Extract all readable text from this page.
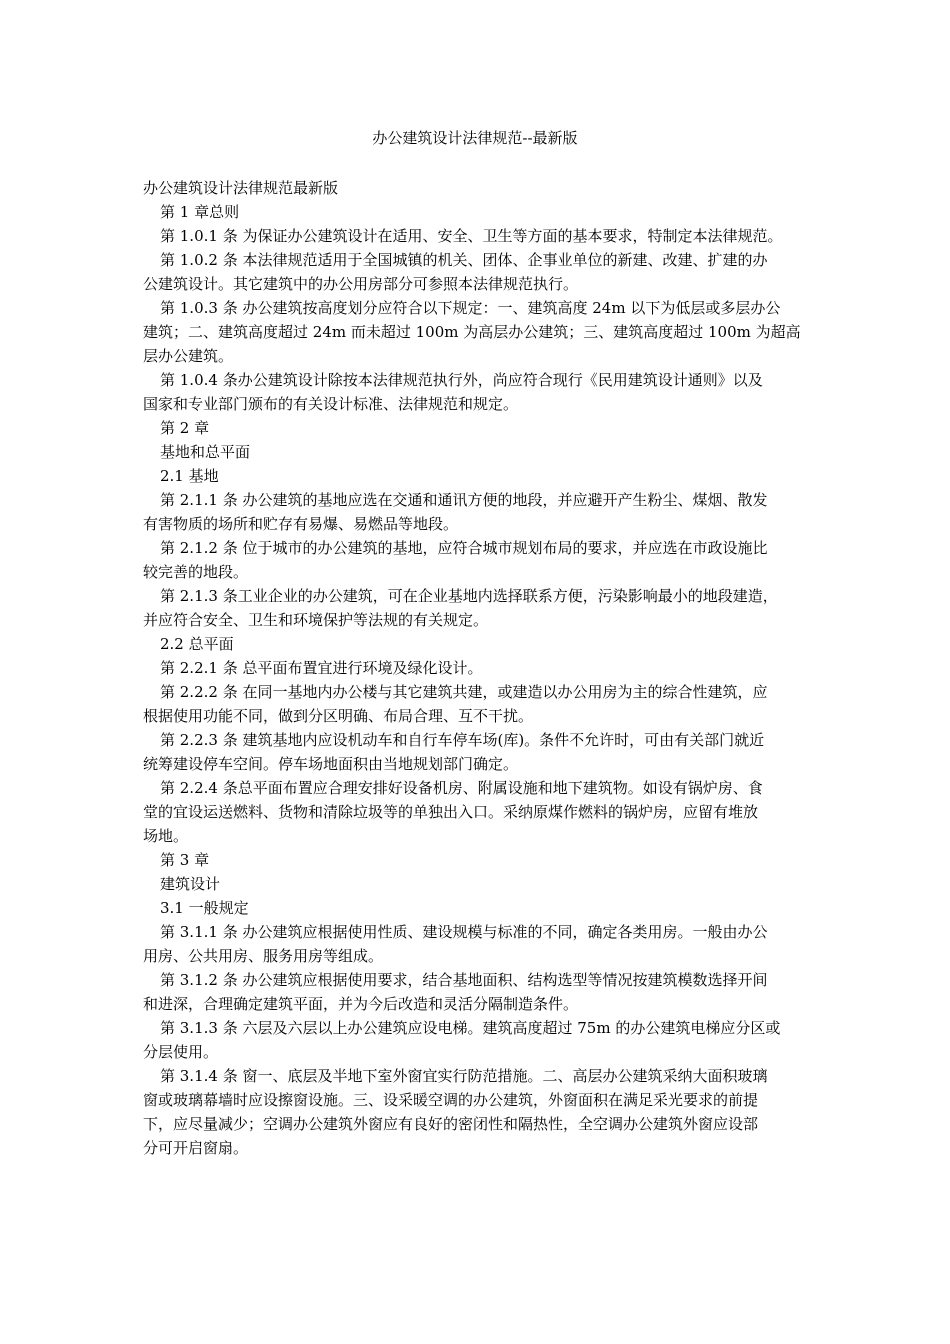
办公建筑设计法律规范--最新版
办公建筑设计法律规范最新版
第 1 章总则
第 1.0.1 条 为保证办公建筑设计在适用、安全、卫生等方面的基本要求，特制定本法律规范。
第 1.0.2 条 本法律规范适用于全国城镇的机关、团体、企事业单位的新建、改建、扩建的办
公建筑设计。其它建筑中的办公用房部分可参照本法律规范执行。
第 1.0.3 条 办公建筑按高度划分应符合以下规定：一、建筑高度 24m 以下为低层或多层办公
建筑；二、建筑高度超过 24m 而未超过 100m 为高层办公建筑；三、建筑高度超过 100m 为超高
层办公建筑。
第 1.0.4 条办公建筑设计除按本法律规范执行外，尚应符合现行《民用建筑设计通则》以及
国家和专业部门颁布的有关设计标准、法律规范和规定。
第 2 章
基地和总平面
2.1 基地
第 2.1.1 条 办公建筑的基地应选在交通和通讯方便的地段，并应避开产生粉尘、煤烟、散发
有害物质的场所和贮存有易爆、易燃品等地段。
第 2.1.2 条 位于城市的办公建筑的基地，应符合城市规划布局的要求，并应选在市政设施比
较完善的地段。
第 2.1.3 条工业企业的办公建筑，可在企业基地内选择联系方便，污染影响最小的地段建造，
并应符合安全、卫生和环境保护等法规的有关规定。
2.2 总平面
第 2.2.1 条 总平面布置宜进行环境及绿化设计。
第 2.2.2 条 在同一基地内办公楼与其它建筑共建，或建造以办公用房为主的综合性建筑，应
根据使用功能不同，做到分区明确、布局合理、互不干扰。
第 2.2.3 条 建筑基地内应设机动车和自行车停车场(库)。条件不允许时，可由有关部门就近
统筹建设停车空间。停车场地面积由当地规划部门确定。
第 2.2.4 条总平面布置应合理安排好设备机房、附属设施和地下建筑物。如设有锅炉房、食
堂的宜设运送燃料、货物和清除垃圾等的单独出入口。采纳原煤作燃料的锅炉房，应留有堆放
场地。
第 3 章
建筑设计
3.1 一般规定
第 3.1.1 条 办公建筑应根据使用性质、建设规模与标准的不同，确定各类用房。一般由办公
用房、公共用房、服务用房等组成。
第 3.1.2 条 办公建筑应根据使用要求，结合基地面积、结构选型等情况按建筑模数选择开间
和进深，合理确定建筑平面，并为今后改造和灵活分隔制造条件。
第 3.1.3 条 六层及六层以上办公建筑应设电梯。建筑高度超过 75m 的办公建筑电梯应分区或
分层使用。
第 3.1.4 条 窗一、底层及半地下室外窗宜实行防范措施。二、高层办公建筑采纳大面积玻璃
窗或玻璃幕墙时应设擦窗设施。三、设采暖空调的办公建筑，外窗面积在满足采光要求的前提
下，应尽量减少；空调办公建筑外窗应有良好的密闭性和隔热性，全空调办公建筑外窗应设部
分可开启窗扇。
